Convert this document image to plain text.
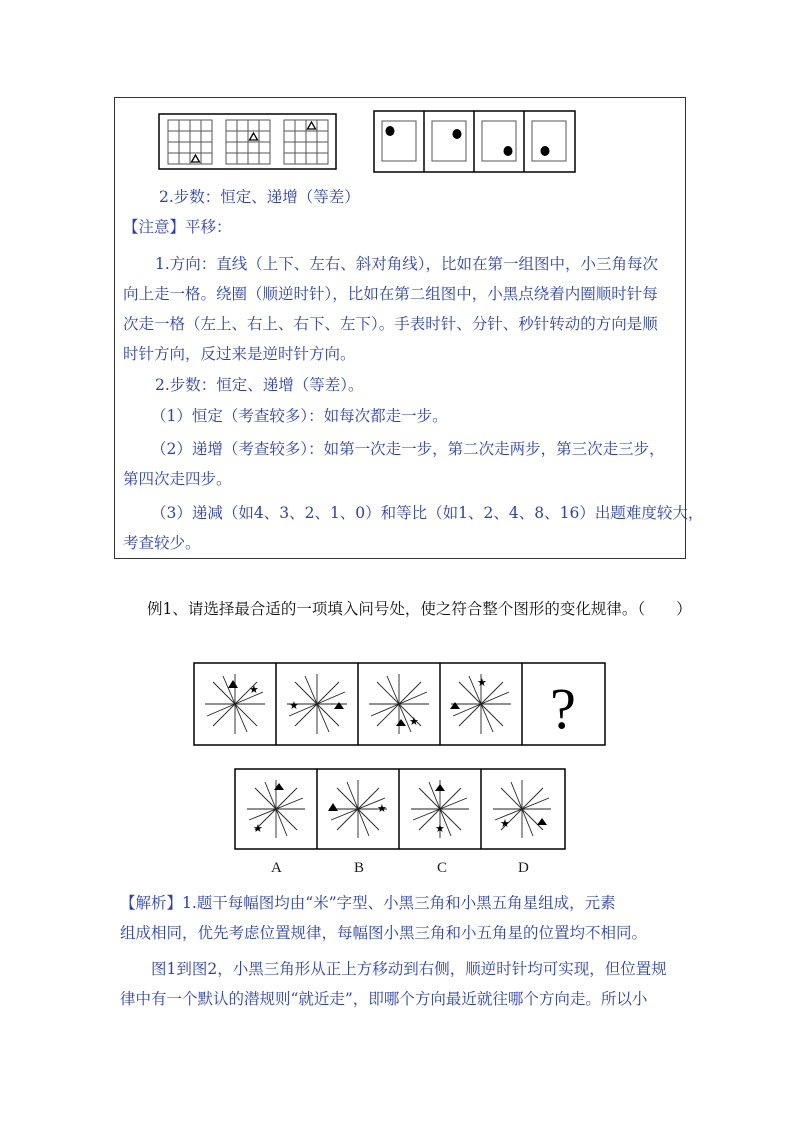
2.步数：恒定、递增（等差）
【注意】平移：
1.方向：直线（上下、左右、斜对角线），比如在第一组图中，小三角每次
向上走一格。绕圈（顺逆时针），比如在第二组图中，小黑点绕着内圈顺时针每
次走一格（左上、右上、右下、左下）。手表时针、分针、秒针转动的方向是顺
时针方向，反过来是逆时针方向。
2.步数：恒定、递增（等差）。
（1）恒定（考查较多）：如每次都走一步。
（2）递增（考查较多）：如第一次走一步，第二次走两步，第三次走三步，
第四次走四步。
（3）递减（如4、3、2、1、0）和等比（如1、2、4、8、16）出题难度较大，
考查较少。
例1、请选择最合适的一项填入问号处，使之符合整个图形的变化规律。（　　）
★
★
★
★ ?
★
★
★	★
A	B	C	D
【解析】1.题干每幅图均由“米”字型、小黑三角和小黑五角星组成，元素
组成相同，优先考虑位置规律，每幅图小黑三角和小五角星的位置均不相同。
图1到图2，小黑三角形从正上方移动到右侧，顺逆时针均可实现，但位置规
律中有一个默认的潜规则“就近走”，即哪个方向最近就往哪个方向走。所以小
